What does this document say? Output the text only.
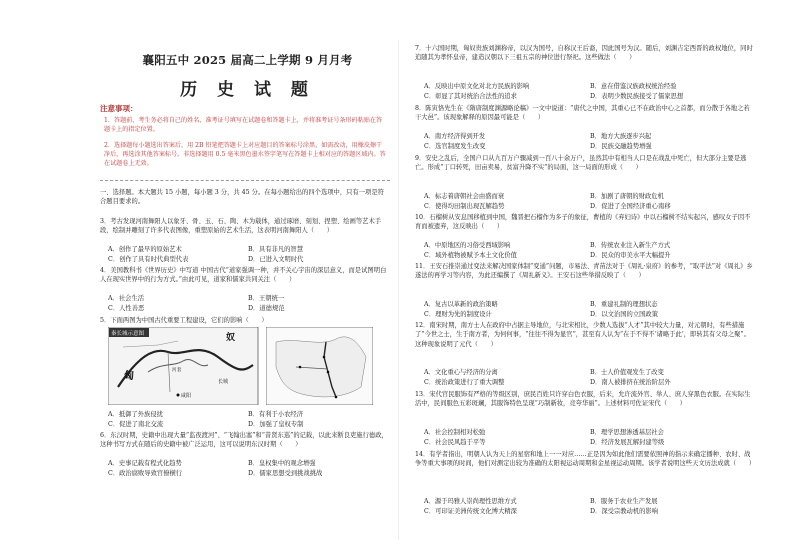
襄阳五中 2025 届高二上学期 9 月月考
历 史 试 题
注意事项：
1．答题前，考生务必将自己的姓名、准考证号填写在试题卷和答题卡上，并将准考证号条形码粘贴在答题卡上的指定位置。
2．选择题每小题选出答案后，用 2B 铅笔把答题卡上对应题目的答案标号涂黑，如需改动，用橡皮擦干净后，再选涂其他答案标号。非选择题用 0.5 毫米黑色墨水签字笔写在答题卡上相对应的答题区域内。答在试题卷上无效。
一、选择题。本大题共 15 小题，每小题 3 分，共 45 分。在每小题给出的四个选项中，只有一项是符合题目要求的。
3．考古发现河南舞阳人以象牙、骨、玉、石、陶、木为载体，通过琢磨、刻划、捏塑、绘画等艺术手段，绘制并雕刻了许多代表图像，重塑原始的艺术生活，这表明河南舞阳人（　　）
A．创作了最早的原始艺术	B．具有非凡的智慧
C．创作了具有时代典型代表	D．已进入文明时代
4．美国教科书《世界历史》中写道 中国古代“道家强调一种，并不关心宇宙的深层意义，而是试图明白人在现实世界中的行为方式。”由此可见，道家和儒家共同关注（　　）
A．社会生活	B．王朝统一
C．人性善恶	D．道德规范
5．下面两图为中国古代重要工程建设，它们的影响（　　）
秦长城示意图	奴
匈
河 套
咸阳
长城
A．抵御了外族侵扰	B．有利于小农经济
C．促进了南北交流	D．加强了皇权专制
6．东汉时期，史籍中出现大量“监夜渡河”、“飞翰出塞”和“昔贤东巡”的记载，以此来断良吏施行德政，这种书写方式在随后的史籍中被广泛运用，这可以说明东汉时期（　　）
A．史事记载有程式化趋势	B．皇权集中的观念增强
C．政治腐败导致官僚横行	D．儒家思想受到挑战挑战
7．十六国时期，匈奴贵族刘渊称帝，以汉为国号，自称汉王后裔，因此国号为汉。随后，刘渊吉定西晋的政权地位，同时追随其为孝怀皇帝，建造汉朝以下三祖五宗的神位进行祭祀。这些做法（　　）
A．反映出中原文化对北方民族的影响	B．意在借鉴汉族政权统治经验
C．彰显了其对统治合法性的追求	D．表明少数民族接受了儒家思想
8．陈寅恪先生在《隋唐制度渊源略论稿》一文中说道：“唐代之中国，其重心已不在政治中心之首都，而分散于各地之若干大邑”。该现象解释的原因最可能是（　　）
A．南方经济得到开发	B．地方大族逐步兴起
C．选官制度发生改变	D．民族交融趋势增强
9．安史之乱后，全国户口从九百万户骤减到一百八十余万户，虽然其中有相当人口是在战乱中死亡，但大部分主要是逃亡。形成“丁口转死，田亩卖易，贫富升降不实”的局面，这一局面的形成（　　）
A．标志着唐朝社会由盛而衰	B．加剧了唐朝的财政危机
C．使得均田制出现瓦解趋势	D．促进了全国经济重心南移
10．石榴树从安息国移植到中国，魏晋把石榴作为多子的象征，曹植的《弃妇诗》中以石榴树不结实起兴，感叹女子因不育而被遗弃，这反映出（　　）
A．中原地区的习俗受西域影响	B．传统农业注入新生产方式
C．域外植物被赋予本土文化价值	D．民众的审美水平大幅提升
11．王安石推崇通过变法来解决国家体制“变通”问题，市易法、青苗法对于《周礼·泉府》的参考，“取平法”对《周礼》乡遂法的再学习等内容，为此还编撰了《周礼新义》。王安石这些举措反映了（　　）
A．复古以革新的政治策略	B．重建礼制的理想状态
C．理财为先的制度设计	D．以文治国的立国政策
12．南宋时期，南方士人在政府中占据主导地位，与北宋相比，少数人选拔“人才”其中较大力量，对元朝时，有些措施了“今世之士，生于南方者，为何何事，“往往不得为显官”，甚至有人认为“在于不得不‘诸略于此’，即转其有父母之聚”。这种现象说明了元代（　　）
A．文化重心与经济的分离	B．士人价值观发生了改变
C．统治政策进行了重大调整	D．南人被排挤在统治阶层外
13．宋代官民服饰有严格的等级区别，庶民百姓只许穿白色衣服，后来，允许流外官、举人、庶人穿黑色衣服。在实际生活中，民间服色五彩斑斓，其服饰特色呈现“巧制新妆，竞夸华丽”。上述材料可佐证宋代（　　）
A．社会控制相对松弛	B．理学思想渗透基层社会
C．社会民风趋于平等	D．经济发展瓦解封建等级
14．有学者指出，明朝人认为天上的星宿和地上一一对应……正是因为如此他们需要依照神的指示来确定播种、农时、战争等重大事项的时间，他们对测定出较为准确的太阳视运动周期和金星视运动周期。该学者说明这些天文历法成就（　　）
A．源于玛雅人崇尚理性思维方式	B．服务于农业生产发展
C．可印证美洲传统文化博大精深	D．深受宗教动机的影响
